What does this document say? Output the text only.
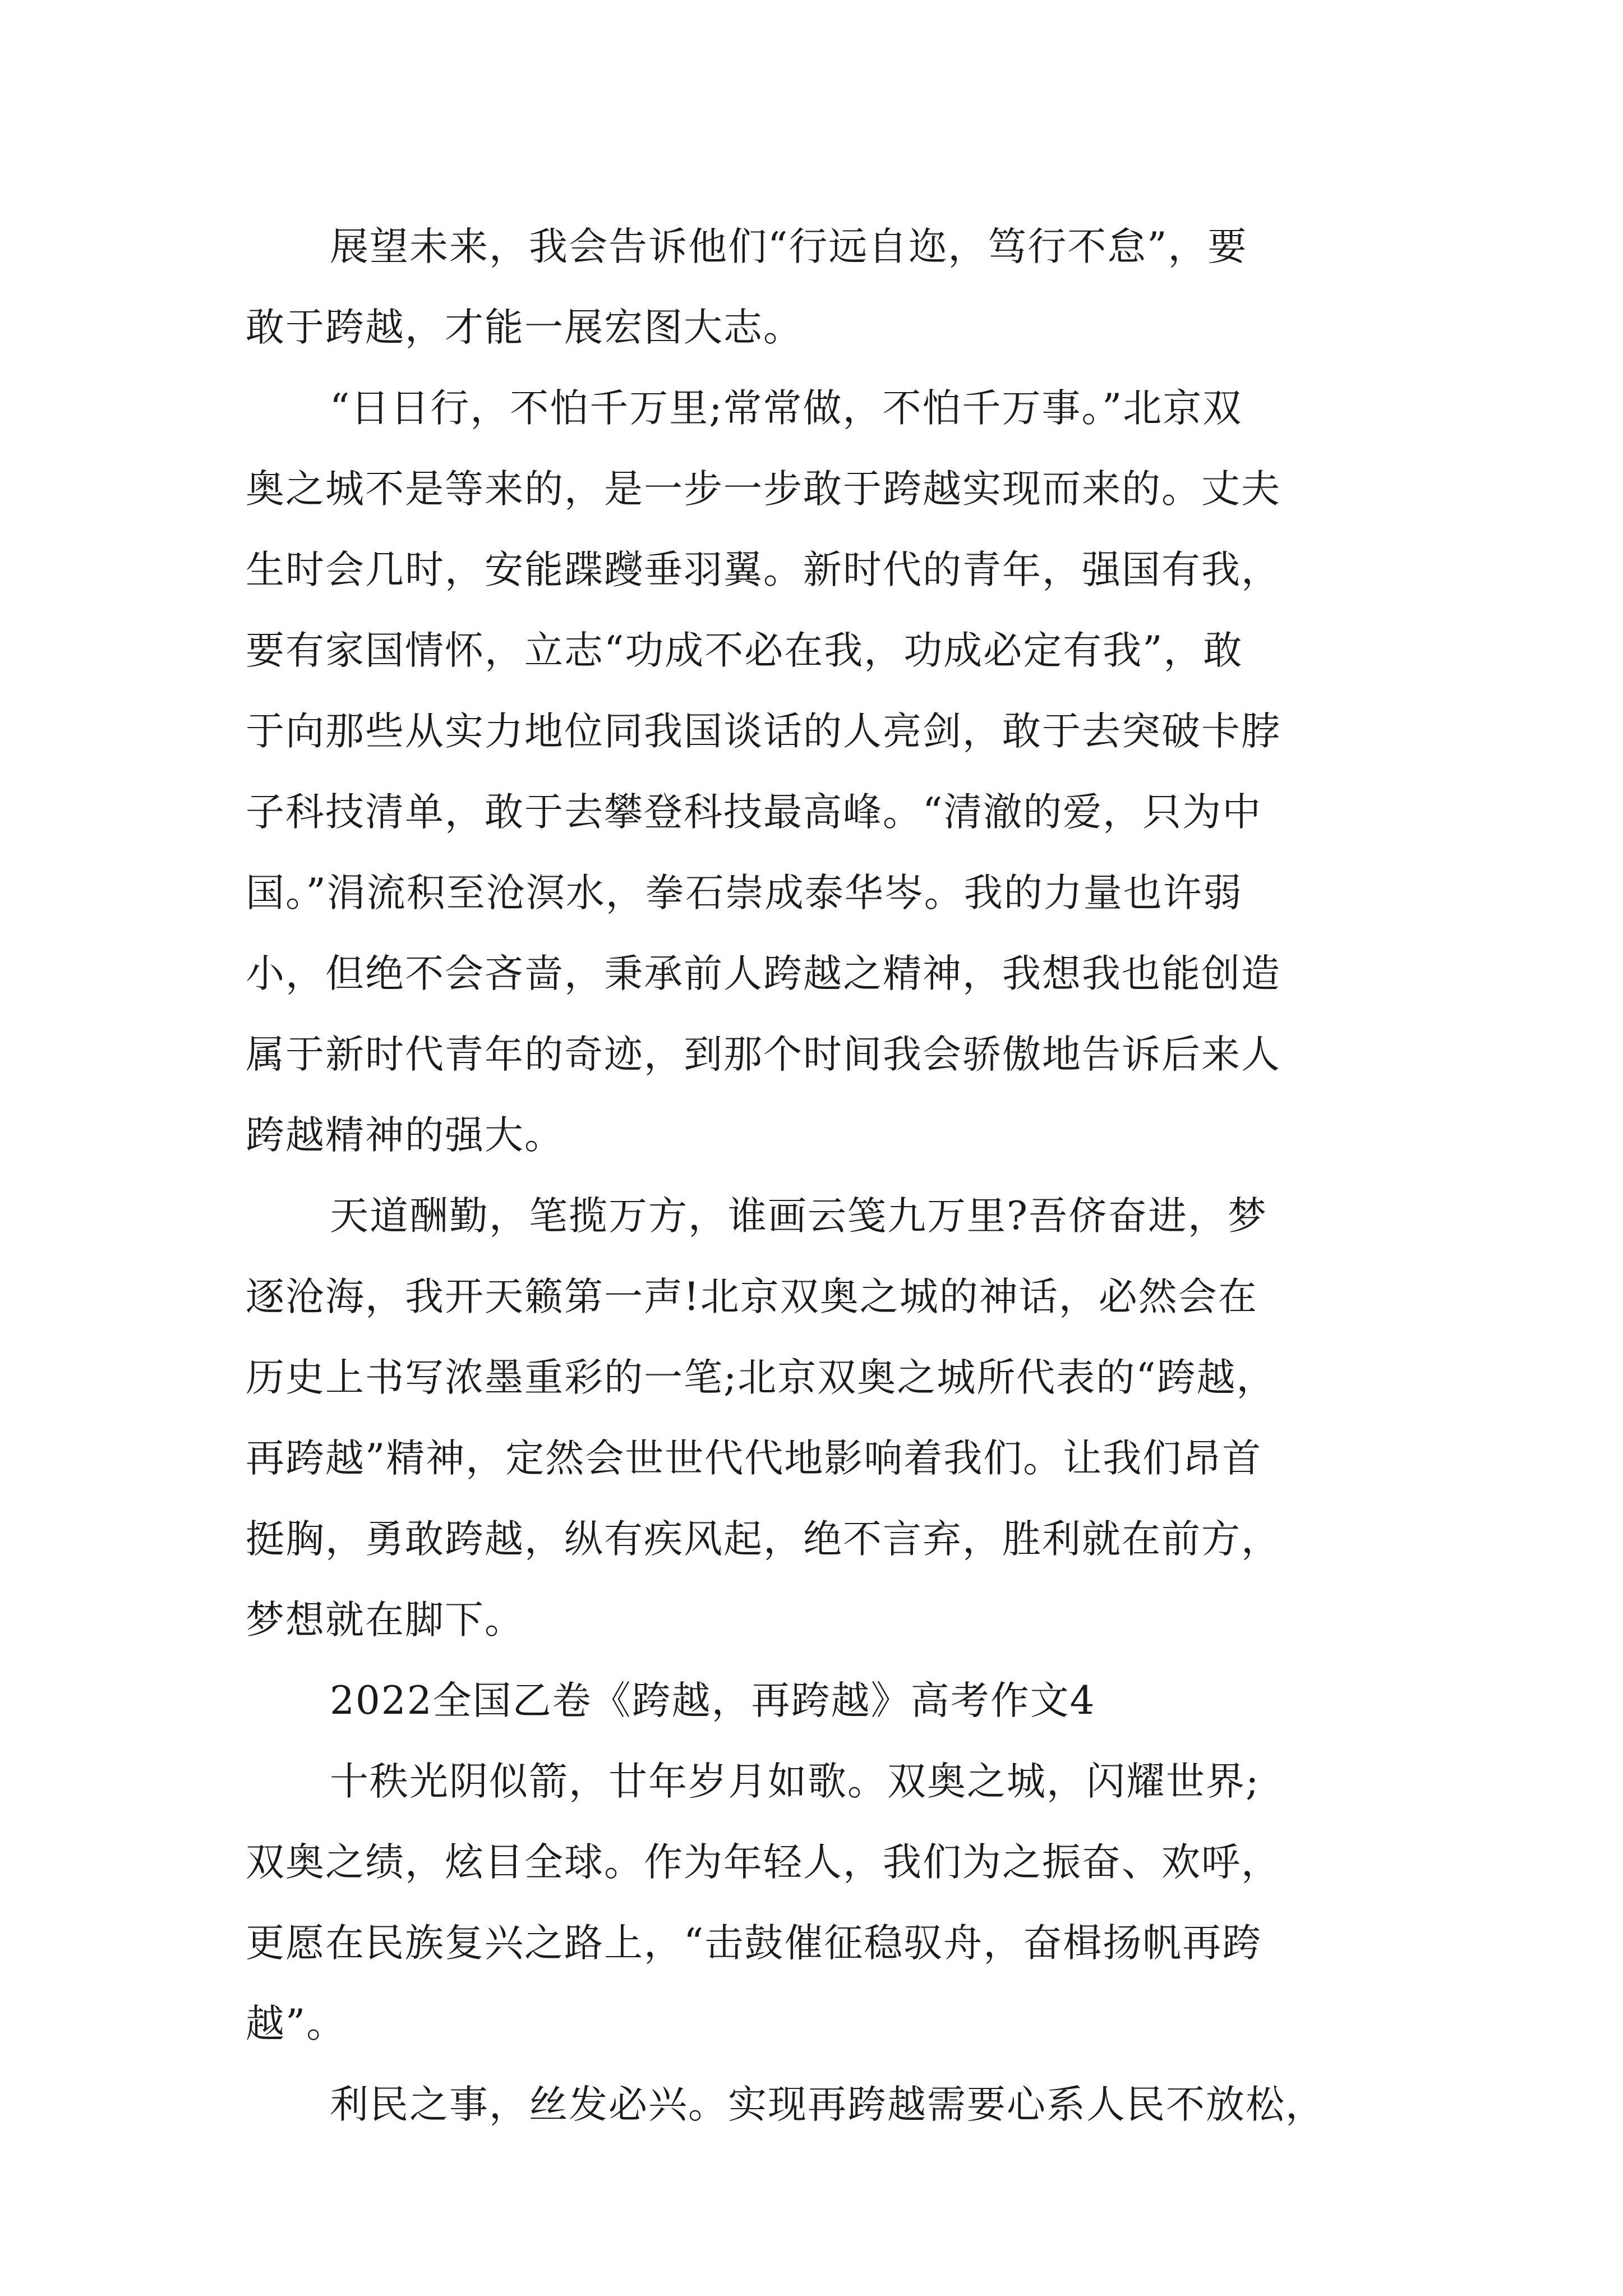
展望未来，我会告诉他们“行远自迩，笃行不怠”，要
敢于跨越，才能一展宏图大志。
“日日行，不怕千万里;常常做，不怕千万事。”北京双
奥之城不是等来的，是一步一步敢于跨越实现而来的。丈夫
生时会几时，安能蹀躞垂羽翼。新时代的青年，强国有我，
要有家国情怀，立志“功成不必在我，功成必定有我”，敢
于向那些从实力地位同我国谈话的人亮剑，敢于去突破卡脖
子科技清单，敢于去攀登科技最高峰。“清澈的爱，只为中
国。”涓流积至沧溟水，拳石崇成泰华岑。我的力量也许弱
小，但绝不会吝啬，秉承前人跨越之精神，我想我也能创造
属于新时代青年的奇迹，到那个时间我会骄傲地告诉后来人
跨越精神的强大。
天道酬勤，笔揽万方，谁画云笺九万里?吾侪奋进，梦
逐沧海，我开天籁第一声!北京双奥之城的神话，必然会在
历史上书写浓墨重彩的一笔;北京双奥之城所代表的“跨越，
再跨越”精神，定然会世世代代地影响着我们。让我们昂首
挺胸，勇敢跨越，纵有疾风起，绝不言弃，胜利就在前方，
梦想就在脚下。
2022全国乙卷《跨越，再跨越》高考作文4
十秩光阴似箭，廿年岁月如歌。双奥之城，闪耀世界;
双奥之绩，炫目全球。作为年轻人，我们为之振奋、欢呼，
更愿在民族复兴之路上，“击鼓催征稳驭舟，奋楫扬帆再跨
越”。
利民之事，丝发必兴。实现再跨越需要心系人民不放松，
